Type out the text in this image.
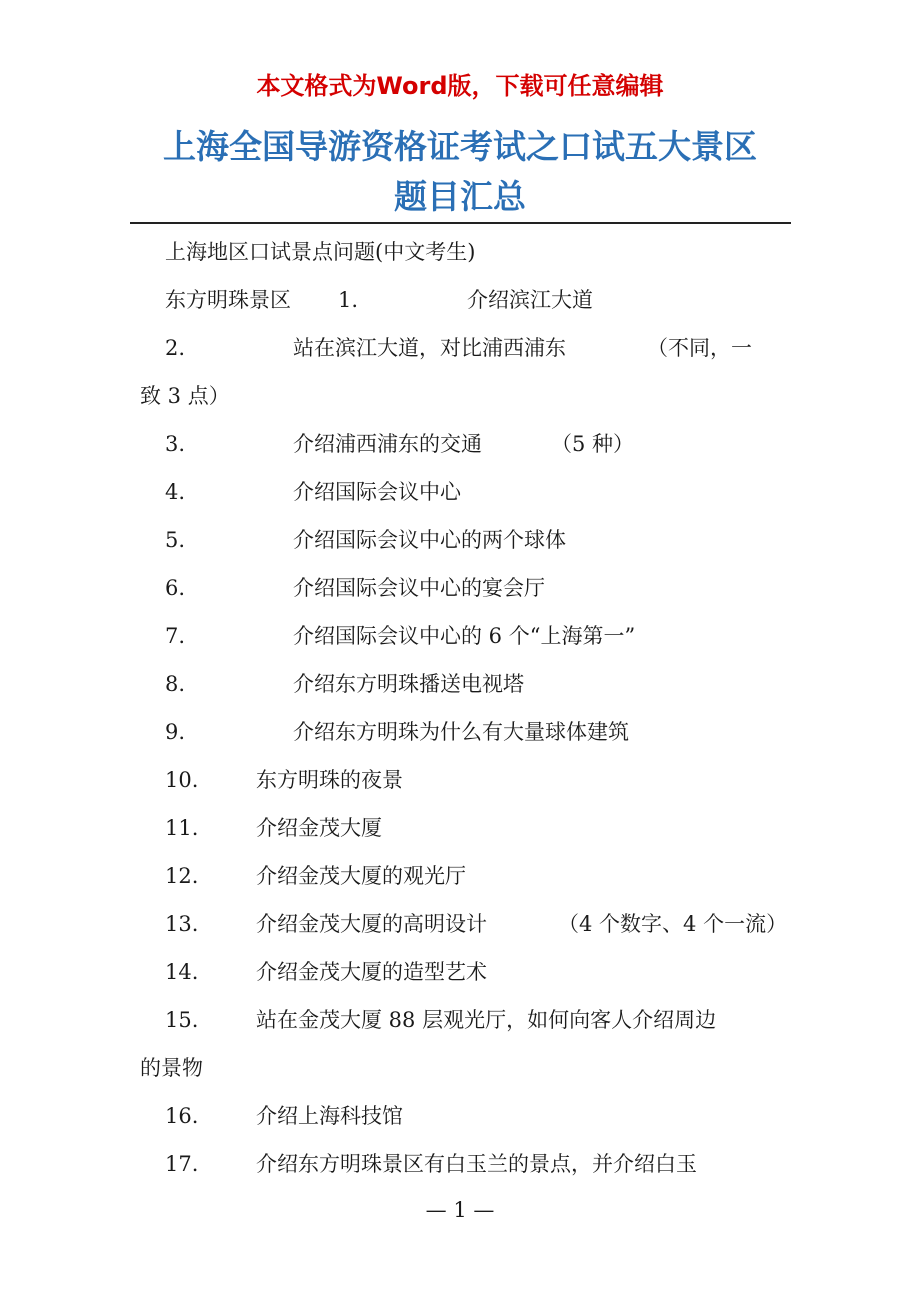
本文格式为Word版，下载可任意编辑
上海全国导游资格证考试之口试五大景区
题目汇总
上海地区口试景点问题(中文考生)
东方明珠景区 1.	介绍滨江大道
2.	站在滨江大道，对比浦西浦东	（不同，一
致 3 点）
3.	介绍浦西浦东的交通	（5 种）
4.	介绍国际会议中心
5.	介绍国际会议中心的两个球体
6.	介绍国际会议中心的宴会厅
7.	介绍国际会议中心的 6 个“上海第一”
8.	介绍东方明珠播送电视塔
9.	介绍东方明珠为什么有大量球体建筑
10.	东方明珠的夜景
11.	介绍金茂大厦
12.	介绍金茂大厦的观光厅
13.	介绍金茂大厦的高明设计	（4 个数字、4 个一流）
14.	介绍金茂大厦的造型艺术
15.	站在金茂大厦 88 层观光厅，如何向客人介绍周边
的景物
16.	介绍上海科技馆
17.	介绍东方明珠景区有白玉兰的景点，并介绍白玉
— 1 —
